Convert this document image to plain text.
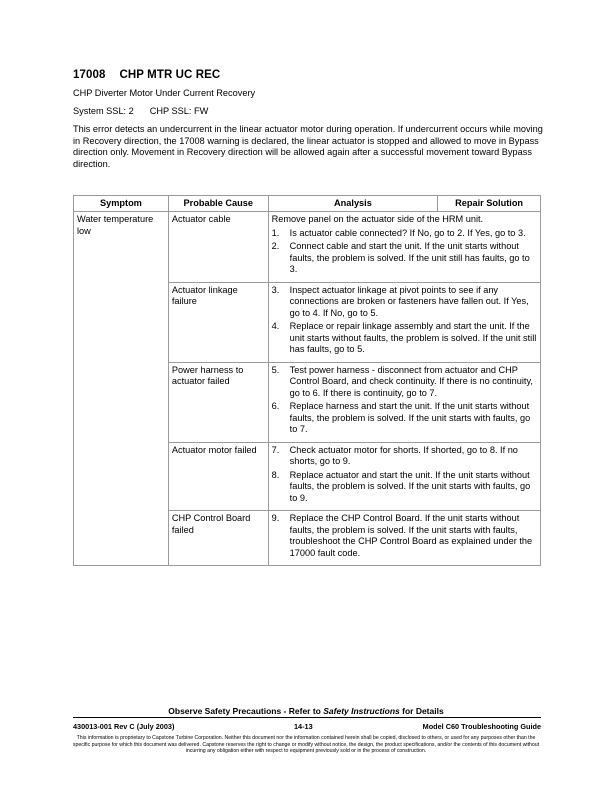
17008 CHP MTR UC REC
CHP Diverter Motor Under Current Recovery
System SSL: 2 CHP SSL: FW
This error detects an undercurrent in the linear actuator motor during operation. If undercurrent occurs while moving in Recovery direction, the 17008 warning is declared, the linear actuator is stopped and allowed to move in Bypass direction only. Movement in Recovery direction will be allowed again after a successful movement toward Bypass direction.
Symptom	Probable Cause	Analysis	Repair Solution
Water temperature low	Actuator cable	Remove panel on the actuator side of the HRM unit.
1. Is actuator cable connected? If No, go to 2. If Yes, go to 3.
2. Connect cable and start the unit. If the unit starts without faults, the problem is solved. If the unit still has faults, go to 3.	

	Actuator linkage failure	3. Inspect actuator linkage at pivot points to see if any connections are broken or fasteners have fallen out. If Yes, go to 4. If No, go to 5.
4. Replace or repair linkage assembly and start the unit. If the unit starts without faults, the problem is solved. If the unit still has faults, go to 5.	

	Power harness to actuator failed	5. Test power harness - disconnect from actuator and CHP Control Board, and check continuity. If there is no continuity, go to 6. If there is continuity, go to 7.
6. Replace harness and start the unit. If the unit starts without faults, the problem is solved. If the unit starts with faults, go to 7.	

	Actuator motor failed	7. Check actuator motor for shorts. If shorted, go to 8. If no shorts, go to 9.
8. Replace actuator and start the unit. If the unit starts without faults, the problem is solved. If the unit starts with faults, go to 9.	

	CHP Control Board failed	9. Replace the CHP Control Board. If the unit starts without faults, the problem is solved. If the unit starts with faults, troubleshoot the CHP Control Board as explained under the 17000 fault code.	
Observe Safety Precautions - Refer to Safety Instructions for Details
430013-001 Rev C (July 2003)	14-13	Model C60 Troubleshooting Guide
This information is proprietary to Capstone Turbine Corporation. Neither this document nor the information contained herein shall be copied, disclosed to others, or used for any purposes other than the specific purpose for which this document was delivered. Capstone reserves the right to change or modify without notice, the design, the product specifications, and/or the contents of this document without incurring any obligation either with respect to equipment previously sold or in the process of construction.
